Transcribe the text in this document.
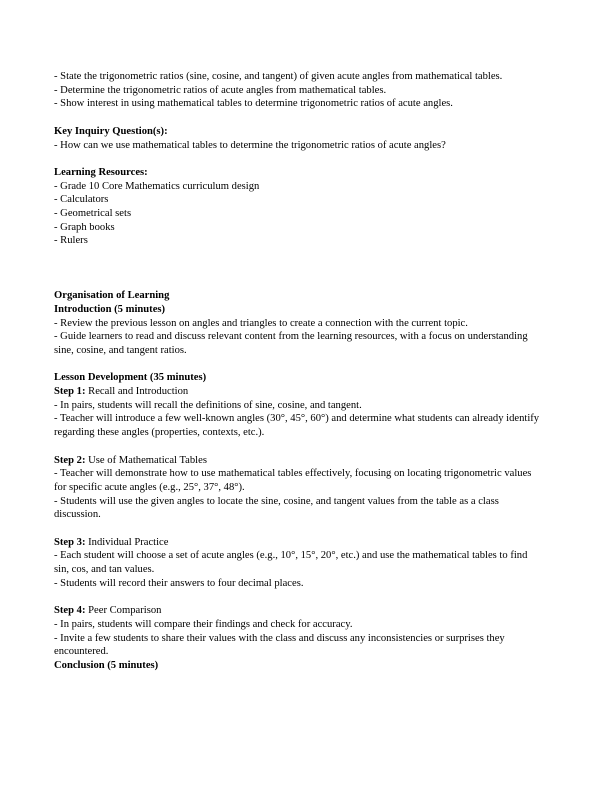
- State the trigonometric ratios (sine, cosine, and tangent) of given acute angles from mathematical tables.
- Determine the trigonometric ratios of acute angles from mathematical tables.
- Show interest in using mathematical tables to determine trigonometric ratios of acute angles.
Key Inquiry Question(s):
- How can we use mathematical tables to determine the trigonometric ratios of acute angles?
Learning Resources:
- Grade 10 Core Mathematics curriculum design
- Calculators
- Geometrical sets
- Graph books
- Rulers
Organisation of Learning
Introduction (5 minutes)
- Review the previous lesson on angles and triangles to create a connection with the current topic.
- Guide learners to read and discuss relevant content from the learning resources, with a focus on understanding sine, cosine, and tangent ratios.
Lesson Development (35 minutes)
Step 1: Recall and Introduction
- In pairs, students will recall the definitions of sine, cosine, and tangent.
- Teacher will introduce a few well-known angles (30°, 45°, 60°) and determine what students can already identify regarding these angles (properties, contexts, etc.).
Step 2: Use of Mathematical Tables
- Teacher will demonstrate how to use mathematical tables effectively, focusing on locating trigonometric values for specific acute angles (e.g., 25°, 37°, 48°).
- Students will use the given angles to locate the sine, cosine, and tangent values from the table as a class discussion.
Step 3: Individual Practice
- Each student will choose a set of acute angles (e.g., 10°, 15°, 20°, etc.) and use the mathematical tables to find sin, cos, and tan values.
- Students will record their answers to four decimal places.
Step 4: Peer Comparison
- In pairs, students will compare their findings and check for accuracy.
- Invite a few students to share their values with the class and discuss any inconsistencies or surprises they encountered.
Conclusion (5 minutes)
